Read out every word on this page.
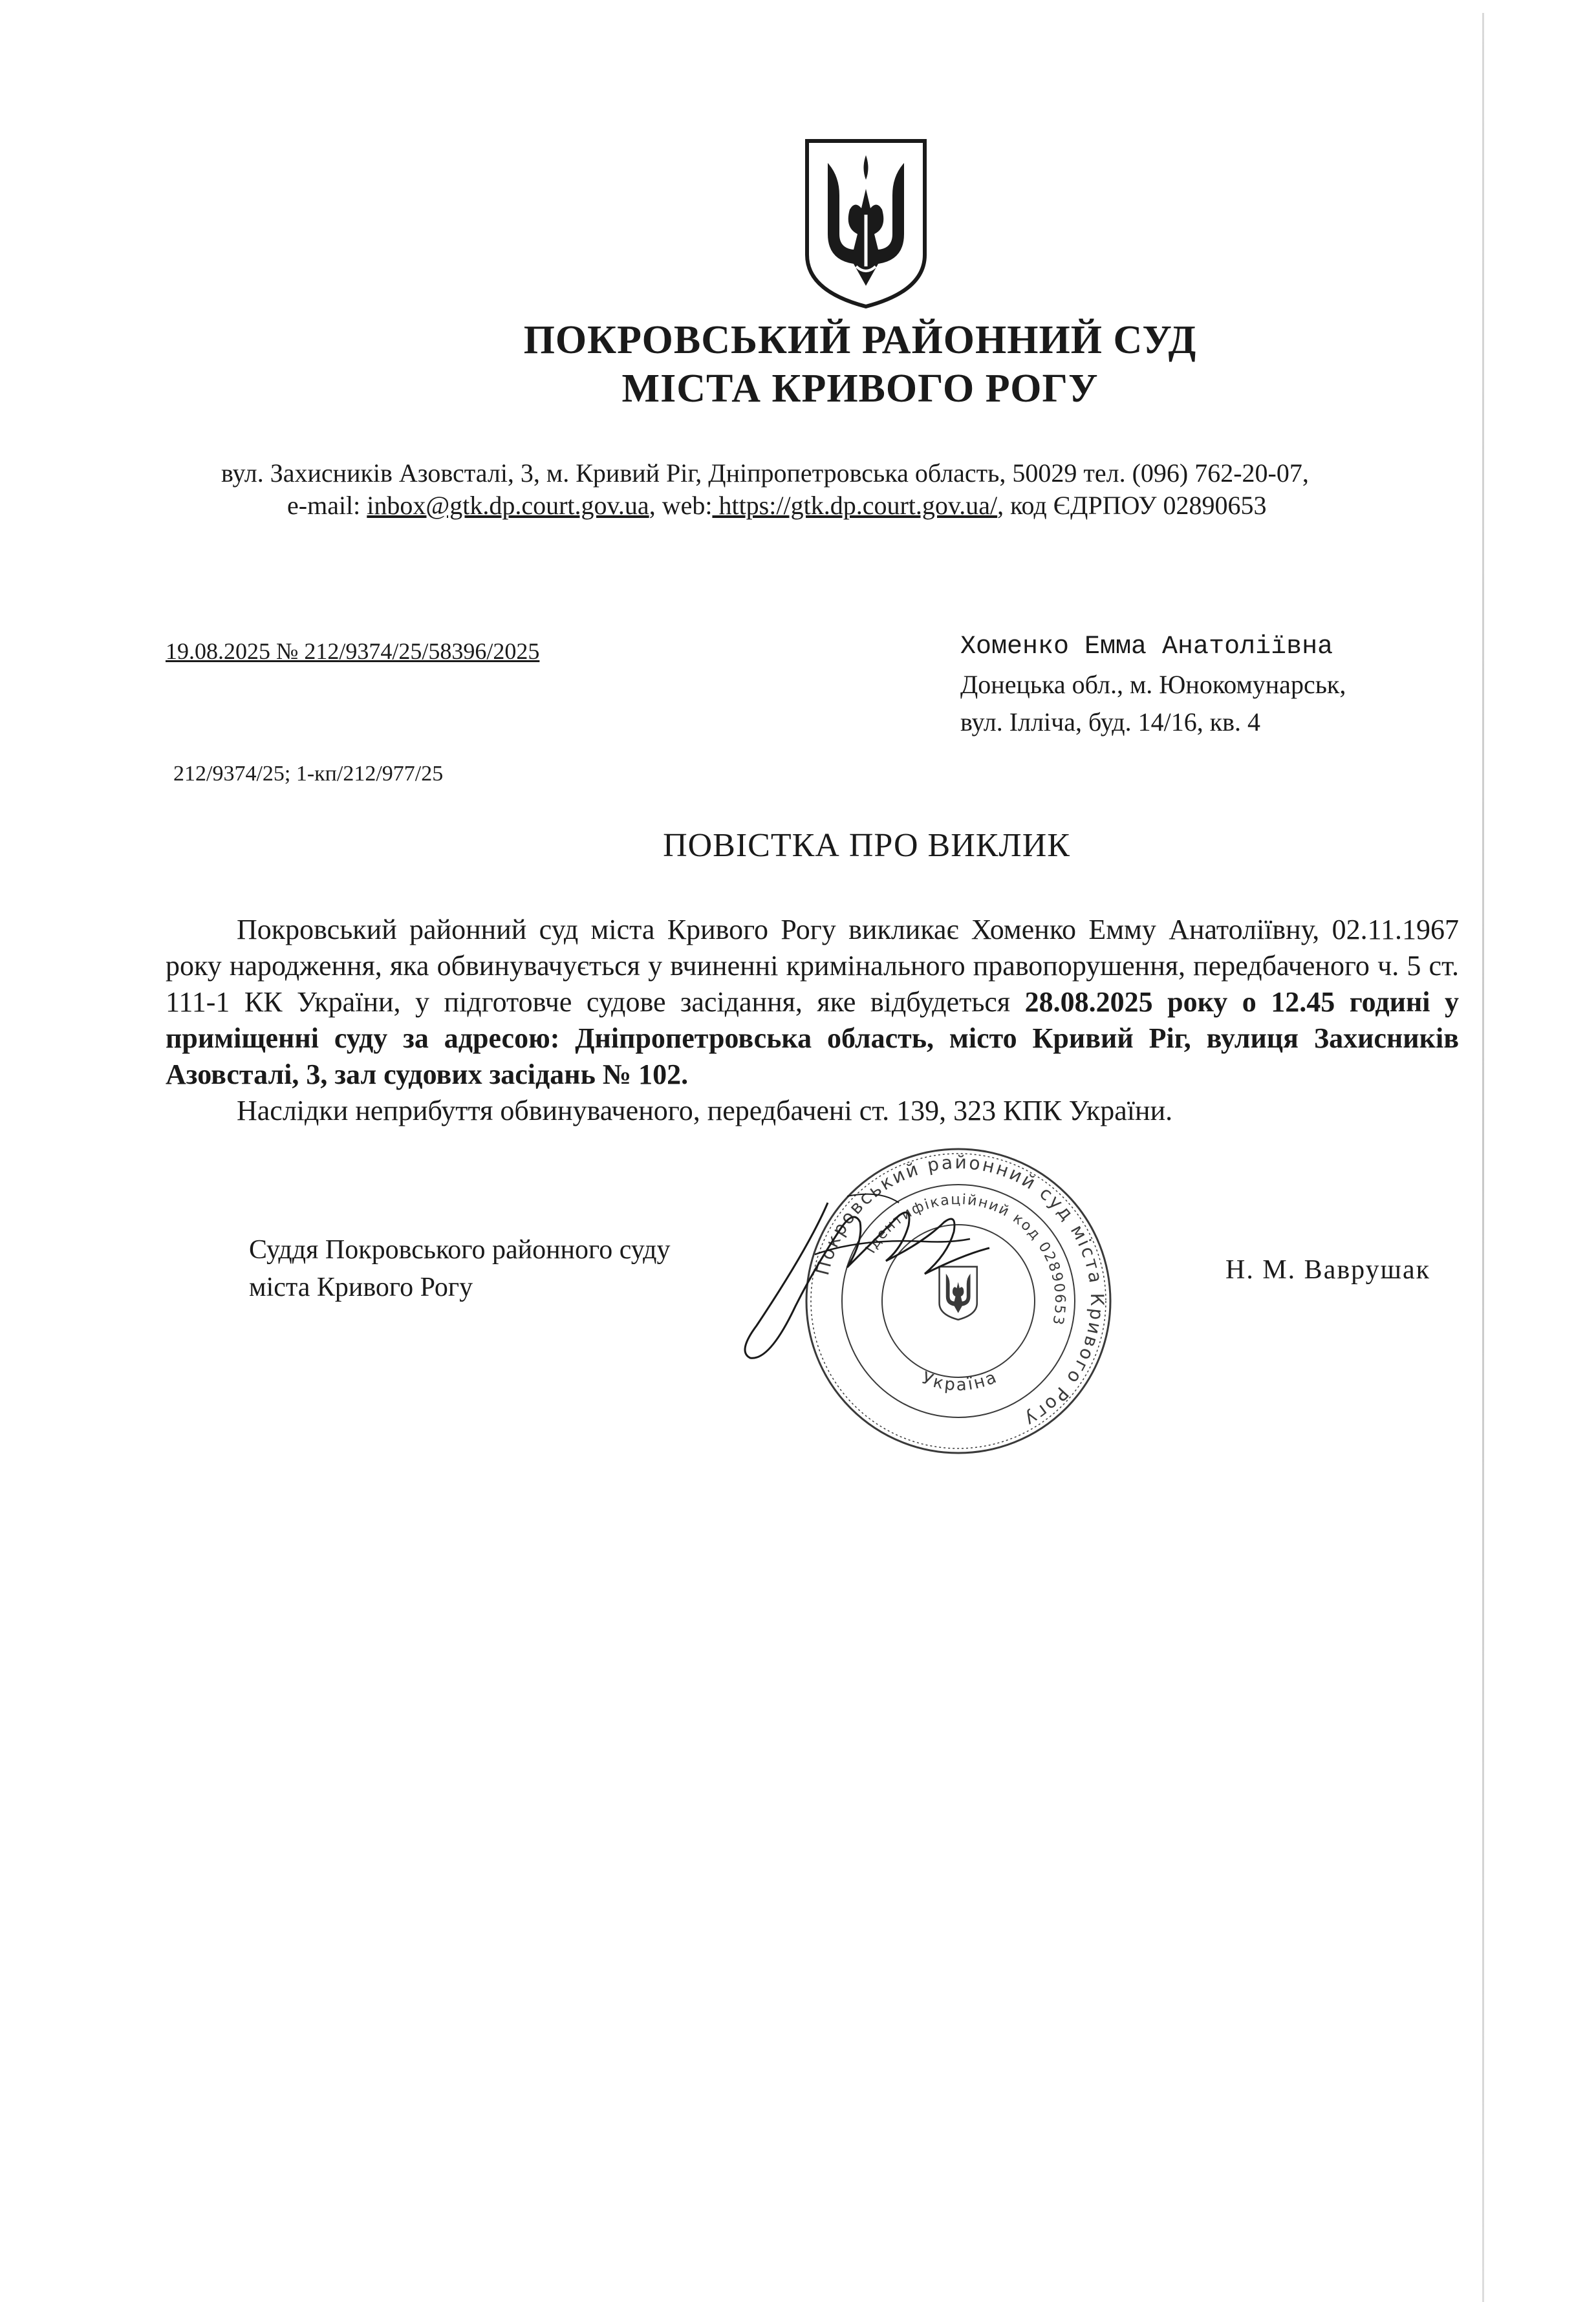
ПОКРОВСЬКИЙ РАЙОННИЙ СУД
МІСТА КРИВОГО РОГУ
вул. Захисників Азовсталі, 3, м. Кривий Ріг, Дніпропетровська область, 50029 тел. (096) 762-20-07,
e-mail: inbox@gtk.dp.court.gov.ua, web: https://gtk.dp.court.gov.ua/, код ЄДРПОУ 02890653
19.08.2025 № 212/9374/25/58396/2025
212/9374/25; 1-кп/212/977/25
Хоменко Емма Анатоліївна
Донецька обл., м. Юнокомунарськ,
вул. Ілліча, буд. 14/16, кв. 4
ПОВІСТКА ПРО ВИКЛИК

Покровський районний суд міста Кривого Рогу викликає Хоменко Емму Анатоліївну, 02.11.1967 року народження, яка обвинувачується у вчиненні кримінального правопорушення, передбаченого ч. 5 ст. 111-1 КК України, у підготовче судове засідання, яке відбудеться 28.08.2025 року о 12.45 годині у приміщенні суду за адресою: Дніпропетровська область, місто Кривий Ріг, вулиця Захисників Азовсталі, 3, зал судових засідань № 102.

Наслідки неприбуття обвинуваченого, передбачені ст. 139, 323 КПК України.

Суддя Покровського районного суду
міста Кривого Рогу
Покровський районний суд міста Кривого Рогу
Ідентифікаційний код 02890653
Україна
Н. М. Ваврушак
